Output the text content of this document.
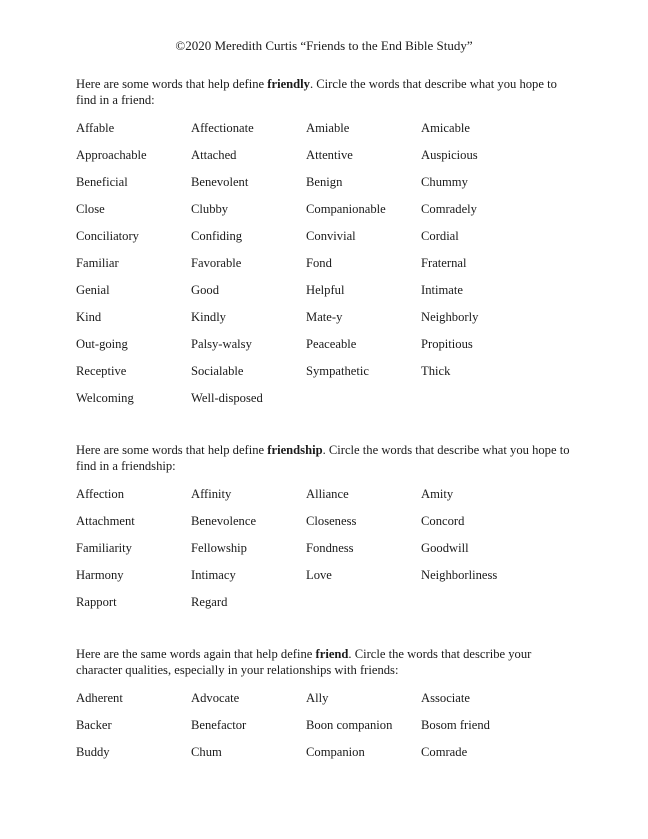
©2020 Meredith Curtis “Friends to the End Bible Study”

Here are some words that help define friendly. Circle the words that describe what you hope to find in a friend:

Affable	Affectionate	Amiable	Amicable
Approachable	Attached	Attentive	Auspicious
Beneficial	Benevolent	Benign	Chummy
Close	Clubby	Companionable	Comradely
Conciliatory	Confiding	Convivial	Cordial
Familiar	Favorable	Fond	Fraternal
Genial	Good	Helpful	Intimate
Kind	Kindly	Mate-y	Neighborly
Out-going	Palsy-walsy	Peaceable	Propitious
Receptive	Socialable	Sympathetic	Thick
Welcoming	Well-disposed

Here are some words that help define friendship. Circle the words that describe what you hope to find in a friendship:

Affection	Affinity	Alliance	Amity
Attachment	Benevolence	Closeness	Concord
Familiarity	Fellowship	Fondness	Goodwill
Harmony	Intimacy	Love	Neighborliness
Rapport	Regard

Here are the same words again that help define friend. Circle the words that describe your character qualities, especially in your relationships with friends:

Adherent	Advocate	Ally	Associate
Backer	Benefactor	Boon companion	Bosom friend
Buddy	Chum	Companion	Comrade
